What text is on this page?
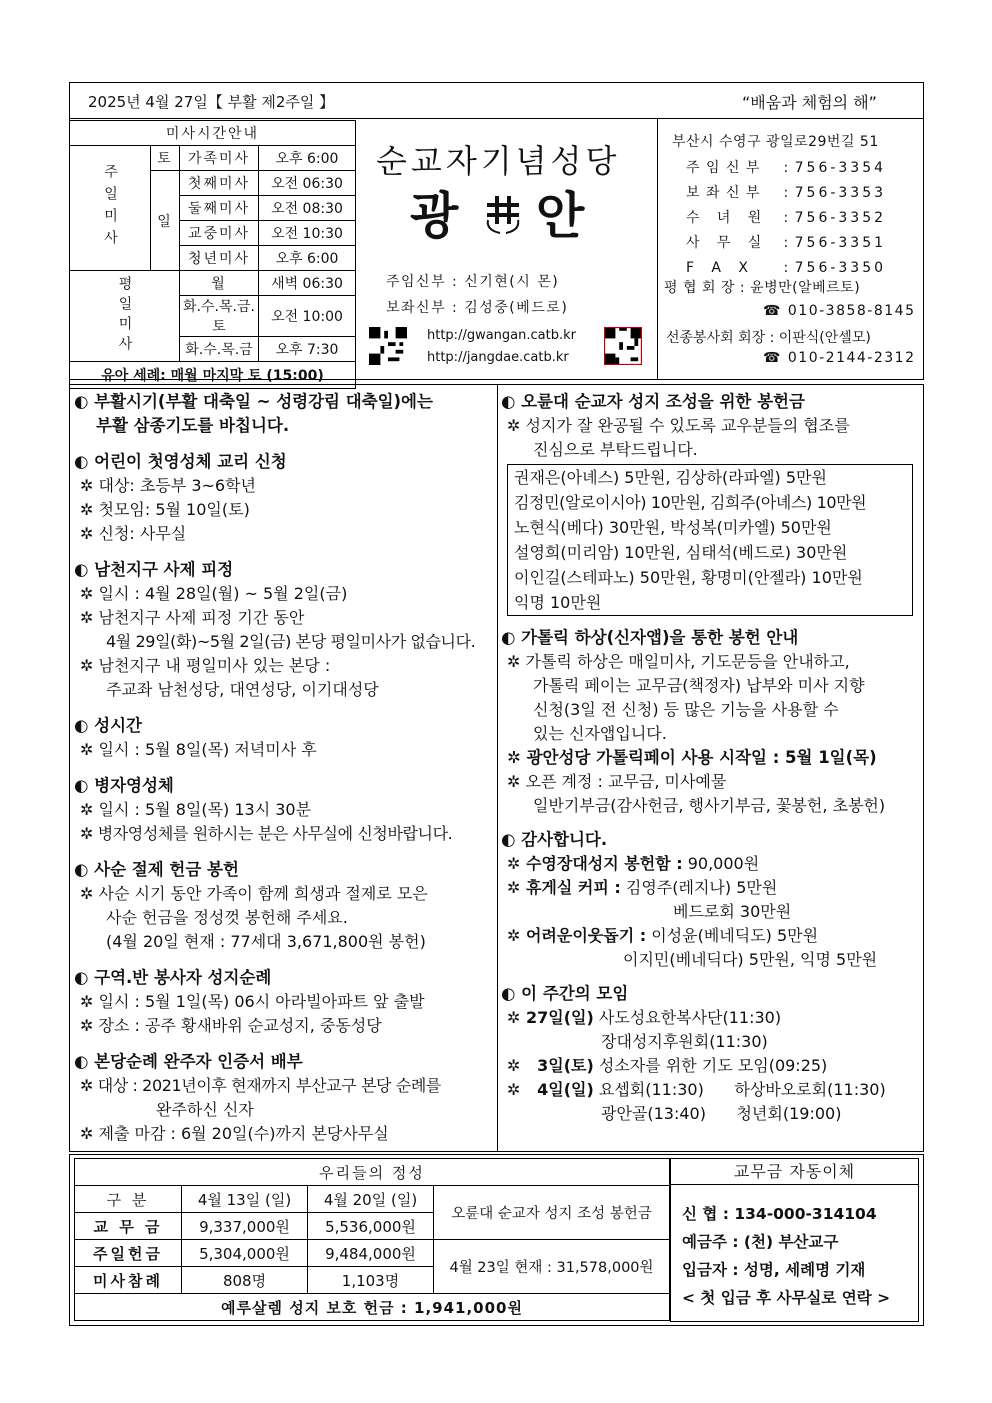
2025년 4월 27일【 부활 제2주일 】	“배움과 체험의 해”
미사시간안내			
주일미사	토	가족미사	오후 6:00
	일	첫째미사	오전 06:30
		둘째미사	오전 08:30
		교중미사	오전 10:30
		청년미사	오후 6:00
평일미사		월	새벽 06:30
		화.수.목.금.토	오전 10:00
		화.수.목.금	오후 7:30
유아 세례: 매월 마지막 토 (15:00)			
순교자기념성당
광 안
주임신부 : 신기현(시 몬)
보좌신부 : 김성중(베드로)
http://gwangan.catb.kr
http://jangdae.catb.kr
부산시 수영구 광일로29번길 51
주 임 신 부 : 756-3354
보 좌 신 부 : 756-3353
수   녀   원 : 756-3352
사   무   실 : 756-3351
F   A   X : 756-3350
평 협 회 장 : 윤병만(알베르토)
☎ 010-3858-8145
선종봉사회 회장 : 이판식(안셀모)
☎ 010-2144-2312
◐ 부활시기(부활 대축일 ~ 성령강림 대축일)에는
부활 삼종기도를 바칩니다.
◐ 어린이 첫영성체 교리 신청
✲ 대상: 초등부 3~6학년
✲ 첫모임: 5월 10일(토)
✲ 신청: 사무실
◐ 남천지구 사제 피정
✲ 일시 : 4월 28일(월) ~ 5월 2일(금)
✲ 남천지구 사제 피정 기간 동안
4월 29일(화)~5월 2일(금) 본당 평일미사가 없습니다.
✲ 남천지구 내 평일미사 있는 본당 :
주교좌 남천성당, 대연성당, 이기대성당
◐ 성시간
✲ 일시 : 5월 8일(목) 저녁미사 후
◐ 병자영성체
✲ 일시 : 5월 8일(목) 13시 30분
✲ 병자영성체를 원하시는 분은 사무실에 신청바랍니다.
◐ 사순 절제 헌금 봉헌
✲ 사순 시기 동안 가족이 함께 희생과 절제로 모은
사순 헌금을 정성껏 봉헌해 주세요.
(4월 20일 현재 : 77세대 3,671,800원 봉헌)
◐ 구역.반 봉사자 성지순례
✲ 일시 : 5월 1일(목) 06시 아라빌아파트 앞 출발
✲ 장소 : 공주 황새바위 순교성지, 중동성당
◐ 본당순례 완주자 인증서 배부
✲ 대상 : 2021년이후 현재까지 부산교구 본당 순례를
완주하신 신자
✲ 제출 마감 : 6월 20일(수)까지 본당사무실
◐ 오륜대 순교자 성지 조성을 위한 봉헌금
✲ 성지가 잘 완공될 수 있도록 교우분들의 협조를
진심으로 부탁드립니다.
권재은(아녜스) 5만원, 김상하(라파엘) 5만원
김정민(알로이시아) 10만원, 김희주(아녜스) 10만원
노현식(베다) 30만원, 박성복(미카엘) 50만원
설영희(미리암) 10만원, 심태석(베드로) 30만원
이인길(스테파노) 50만원, 황명미(안젤라) 10만원
익명 10만원
◐ 가톨릭 하상(신자앱)을 통한 봉헌 안내
✲ 가톨릭 하상은 매일미사, 기도문등을 안내하고,
가톨릭 페이는 교무금(책정자) 납부와 미사 지향
신청(3일 전 신청) 등 많은 기능을 사용할 수
있는 신자앱입니다.
✲ 광안성당 가톨릭페이 사용 시작일 : 5월 1일(목)
✲ 오픈 계정 : 교무금, 미사예물
일반기부금(감사헌금, 행사기부금, 꽃봉헌, 초봉헌)
◐ 감사합니다.
✲ 수영장대성지 봉헌함 : 90,000원
✲ 휴게실 커피 : 김영주(레지나) 5만원
베드로회 30만원
✲ 어려운이웃돕기 : 이성윤(베네딕도) 5만원
이지민(베네딕다) 5만원, 익명 5만원
◐ 이 주간의 모임
✲ 27일(일) 사도성요한복사단(11:30)
장대성지후원회(11:30)
✲   3일(토) 성소자를 위한 기도 모임(09:25)
✲   4일(일) 요셉회(11:30)      하상바오로회(11:30)
광안골(13:40)      청년회(19:00)
우리들의 정성			
구 분	4월 13일 (일)	4월 20일 (일)	오륜대 순교자 성지 조성 봉헌금
교 무 금	9,337,000원	5,536,000원	
주일헌금	5,304,000원	9,484,000원	4월 23일 현재 : 31,578,000원
미사참례	808명	1,103명	
예루살렘 성지 보호 헌금 : 1,941,000원			
교무금 자동이체
신 협 : 134-000-314104
예금주 : (천) 부산교구
입금자 : 성명, 세례명 기재
< 첫 입금 후 사무실로 연락 >
